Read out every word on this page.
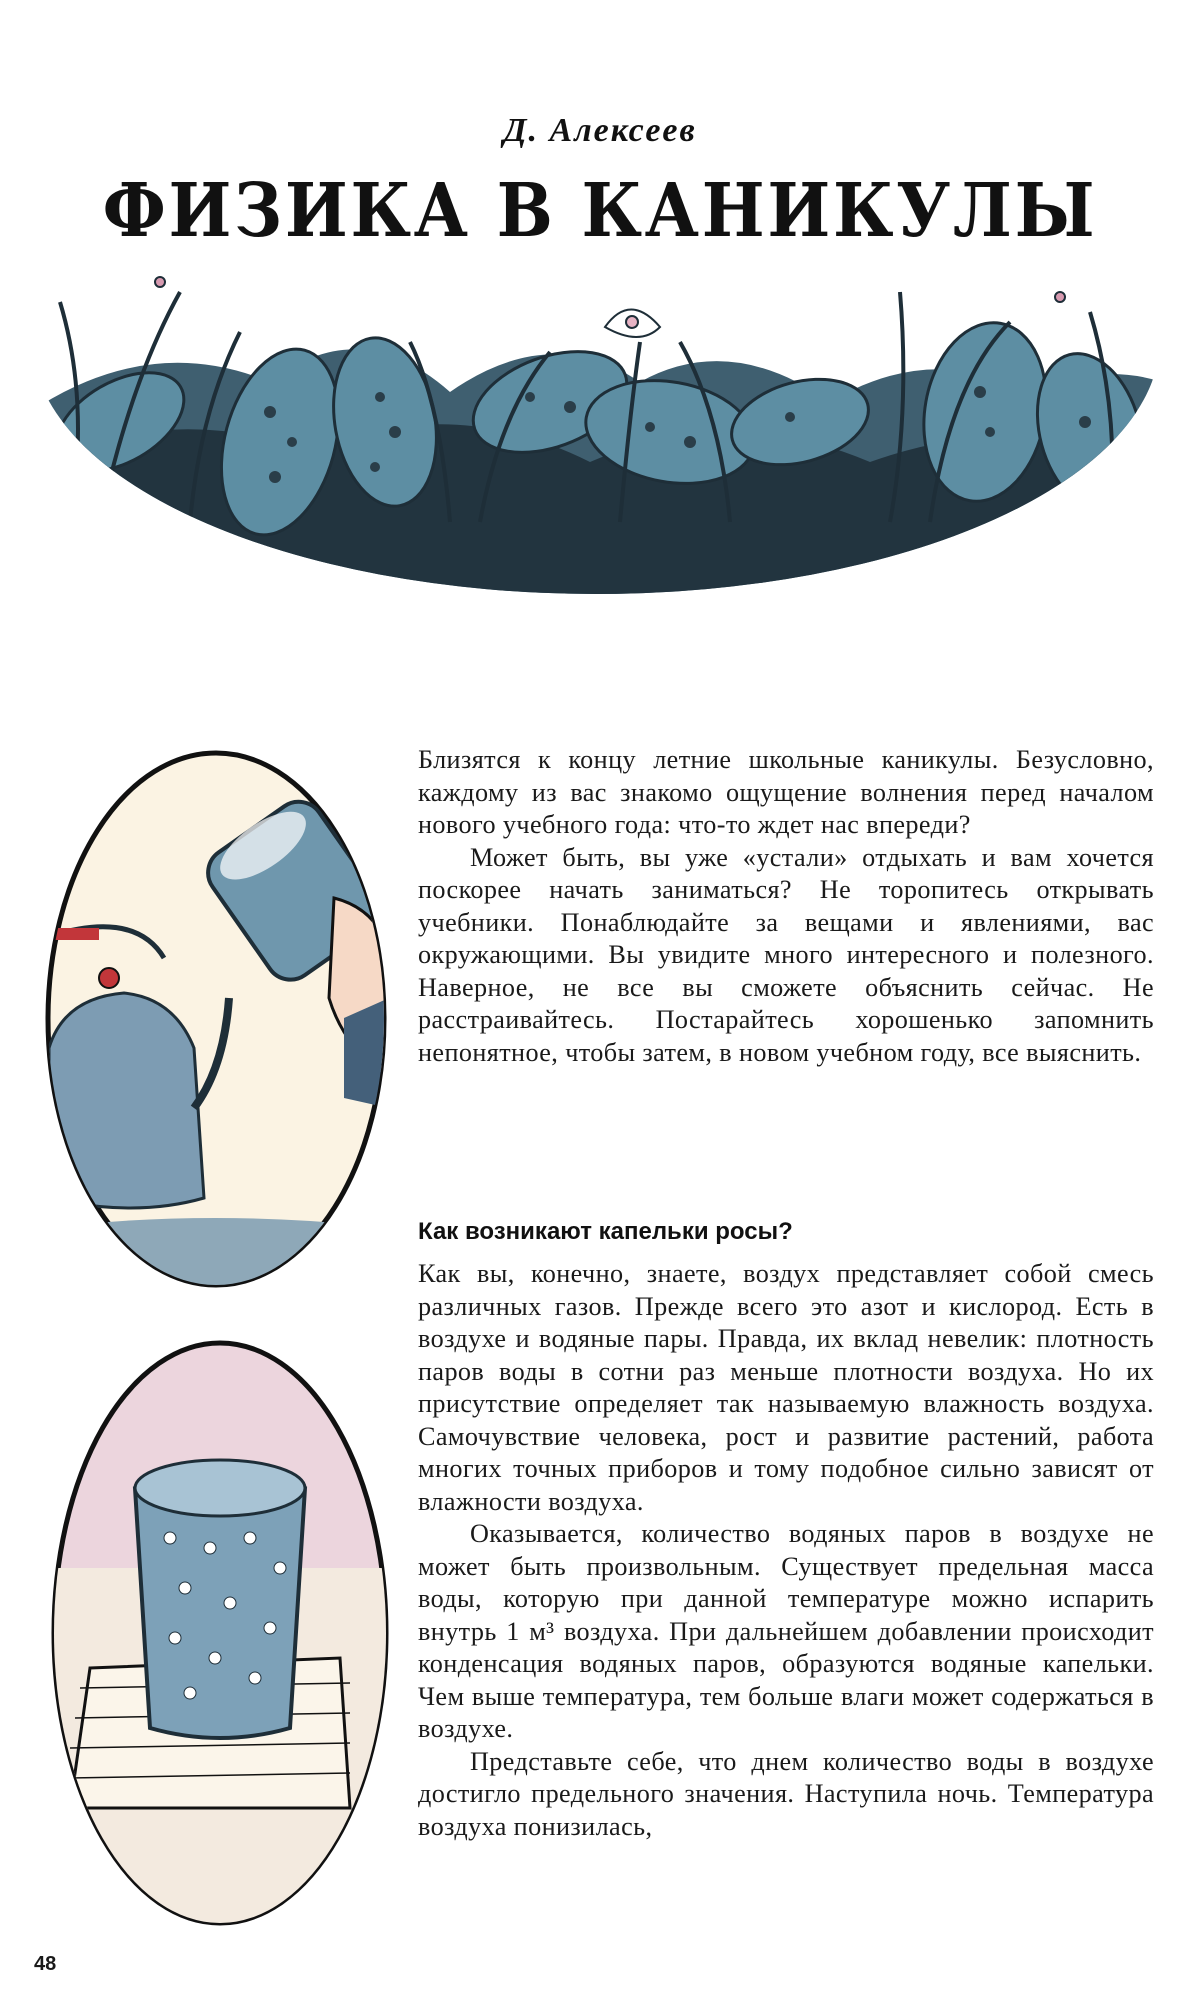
Д. Алексеев
ФИЗИКА В КАНИКУЛЫ

Близятся к концу летние школьные каникулы. Безусловно, каждому из вас знакомо ощущение волнения перед началом нового учебного года: что-то ждет нас впереди?

Может быть, вы уже «устали» отдыхать и вам хочется поскорее начать заниматься? Не торопитесь открывать учебники. Понаблюдайте за вещами и явлениями, вас окружающими. Вы увидите много интересного и полезного. Наверное, не все вы сможете объяснить сейчас. Не расстраивайтесь. Постарайтесь хорошенько запомнить непонятное, чтобы затем, в новом учебном году, все выяснить.

Как возникают капельки росы?

Как вы, конечно, знаете, воздух представляет собой смесь различных газов. Прежде всего это азот и кислород. Есть в воздухе и водяные пары. Правда, их вклад невелик: плотность паров воды в сотни раз меньше плотности воздуха. Но их присутствие определяет так называемую влажность воздуха. Самочувствие человека, рост и развитие растений, работа многих точных приборов и тому подобное сильно зависят от влажности воздуха.

Оказывается, количество водяных паров в воздухе не может быть произвольным. Существует предельная масса воды, которую при данной температуре можно испарить внутрь 1 м³ воздуха. При дальнейшем добавлении происходит конденсация водяных паров, образуются водяные капельки. Чем выше температура, тем больше влаги может содержаться в воздухе.

Представьте себе, что днем количество воды в воздухе достигло предельного значения. Наступила ночь. Температура воздуха понизилась,

48
